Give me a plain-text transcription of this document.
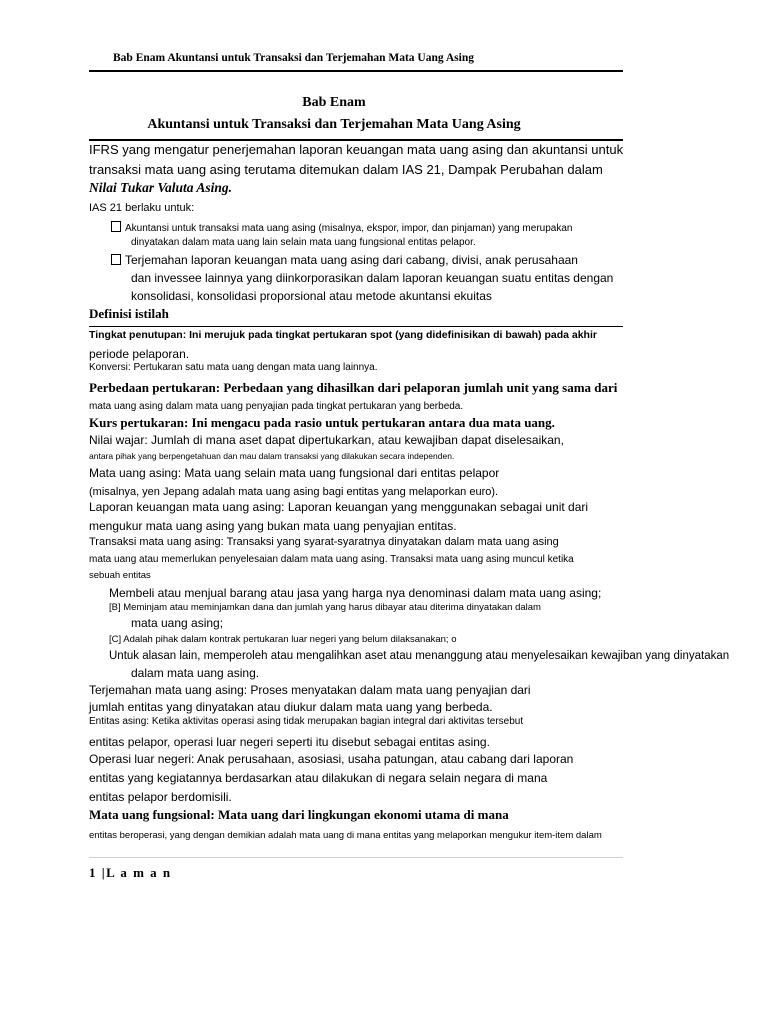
Bab Enam Akuntansi untuk Transaksi dan Terjemahan Mata Uang Asing
Bab Enam
Akuntansi untuk Transaksi dan Terjemahan Mata Uang Asing
IFRS yang mengatur penerjemahan laporan keuangan mata uang asing dan akuntansi untuk
transaksi mata uang asing terutama ditemukan dalam IAS 21, Dampak Perubahan dalam
Nilai Tukar Valuta Asing.
IAS 21 berlaku untuk:
Akuntansi untuk transaksi mata uang asing (misalnya, ekspor, impor, dan pinjaman) yang merupakan
dinyatakan dalam mata uang lain selain mata uang fungsional entitas pelapor.
Terjemahan laporan keuangan mata uang asing dari cabang, divisi, anak perusahaan
dan invessee lainnya yang diinkorporasikan dalam laporan keuangan suatu entitas dengan
konsolidasi, konsolidasi proporsional atau metode akuntansi ekuitas
Definisi istilah
Tingkat penutupan: Ini merujuk pada tingkat pertukaran spot (yang didefinisikan di bawah) pada akhir
periode pelaporan.
Konversi: Pertukaran satu mata uang dengan mata uang lainnya.
Perbedaan pertukaran: Perbedaan yang dihasilkan dari pelaporan jumlah unit yang sama dari
mata uang asing dalam mata uang penyajian pada tingkat pertukaran yang berbeda.
Kurs pertukaran: Ini mengacu pada rasio untuk pertukaran antara dua mata uang.
Nilai wajar: Jumlah di mana aset dapat dipertukarkan, atau kewajiban dapat diselesaikan,
antara pihak yang berpengetahuan dan mau dalam transaksi yang dilakukan secara independen.
Mata uang asing: Mata uang selain mata uang fungsional dari entitas pelapor
(misalnya, yen Jepang adalah mata uang asing bagi entitas yang melaporkan euro).
Laporan keuangan mata uang asing: Laporan keuangan yang menggunakan sebagai unit dari
mengukur mata uang asing yang bukan mata uang penyajian entitas.
Transaksi mata uang asing: Transaksi yang syarat-syaratnya dinyatakan dalam mata uang asing
mata uang atau memerlukan penyelesaian dalam mata uang asing. Transaksi mata uang asing muncul ketika
sebuah entitas
Membeli atau menjual barang atau jasa yang harga nya denominasi dalam mata uang asing;
[B] Meminjam atau meminjamkan dana dan jumlah yang harus dibayar atau diterima dinyatakan dalam
mata uang asing;
[C] Adalah pihak dalam kontrak pertukaran luar negeri yang belum dilaksanakan; o
Untuk alasan lain, memperoleh atau mengalihkan aset atau menanggung atau menyelesaikan kewajiban yang dinyatakan
dalam mata uang asing.
Terjemahan mata uang asing: Proses menyatakan dalam mata uang penyajian dari
jumlah entitas yang dinyatakan atau diukur dalam mata uang yang berbeda.
Entitas asing: Ketika aktivitas operasi asing tidak merupakan bagian integral dari aktivitas tersebut
entitas pelapor, operasi luar negeri seperti itu disebut sebagai entitas asing.
Operasi luar negeri: Anak perusahaan, asosiasi, usaha patungan, atau cabang dari laporan
entitas yang kegiatannya berdasarkan atau dilakukan di negara selain negara di mana
entitas pelapor berdomisili.
Mata uang fungsional: Mata uang dari lingkungan ekonomi utama di mana
entitas beroperasi, yang dengan demikian adalah mata uang di mana entitas yang melaporkan mengukur item-item dalam
1 |L a m a n
